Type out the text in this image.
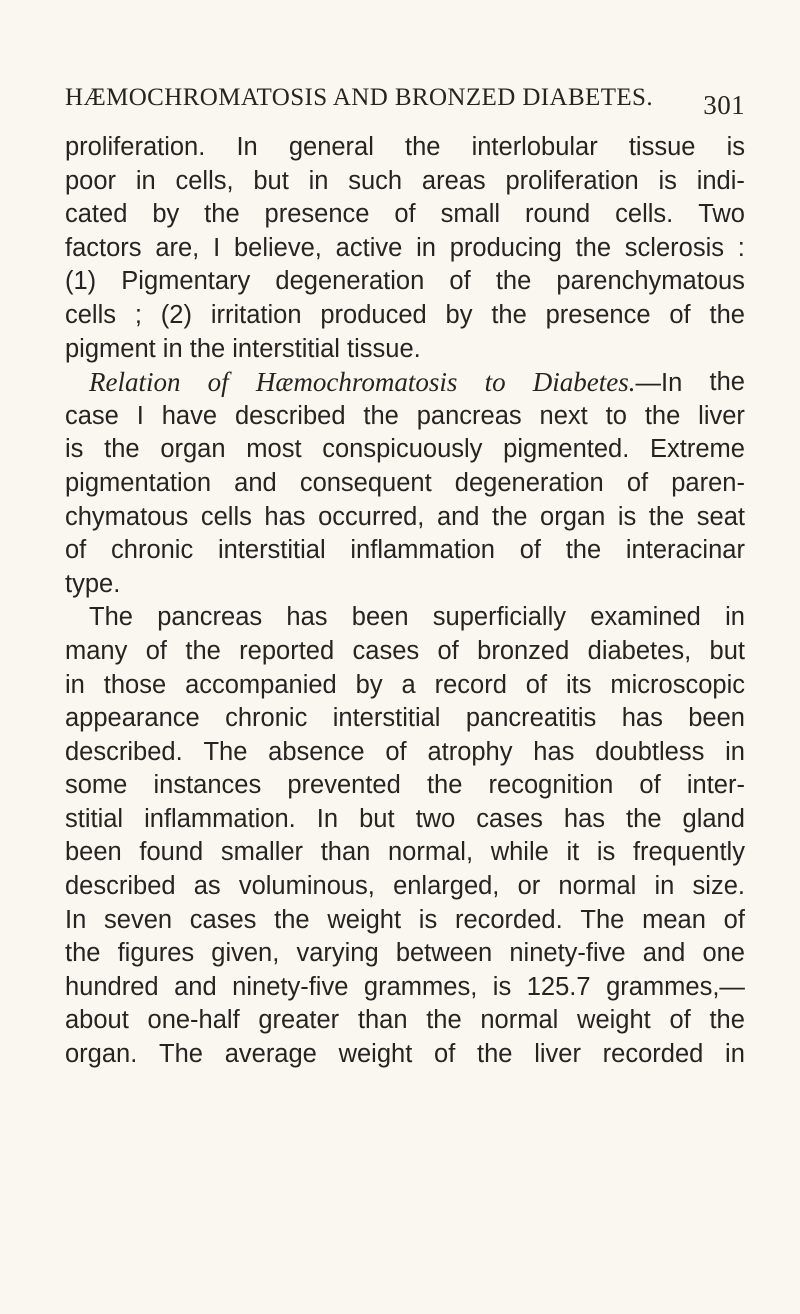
HÆMOCHROMATOSIS AND BRONZED DIABETES. 301
proliferation. In general the interlobular tissue is
poor in cells, but in such areas proliferation is indi-
cated by the presence of small round cells. Two
factors are, I believe, active in producing the sclerosis :
(1) Pigmentary degeneration of the parenchymatous
cells ; (2) irritation produced by the presence of the
pigment in the interstitial tissue.
Relation of Hæmochromatosis to Diabetes.—In the
case I have described the pancreas next to the liver
is the organ most conspicuously pigmented. Extreme
pigmentation and consequent degeneration of paren-
chymatous cells has occurred, and the organ is the seat
of chronic interstitial inflammation of the interacinar
type.
The pancreas has been superficially examined in
many of the reported cases of bronzed diabetes, but
in those accompanied by a record of its microscopic
appearance chronic interstitial pancreatitis has been
described. The absence of atrophy has doubtless in
some instances prevented the recognition of inter-
stitial inflammation. In but two cases has the gland
been found smaller than normal, while it is frequently
described as voluminous, enlarged, or normal in size.
In seven cases the weight is recorded. The mean of
the figures given, varying between ninety-five and one
hundred and ninety-five grammes, is 125.7 grammes,—
about one-half greater than the normal weight of the
organ. The average weight of the liver recorded in
